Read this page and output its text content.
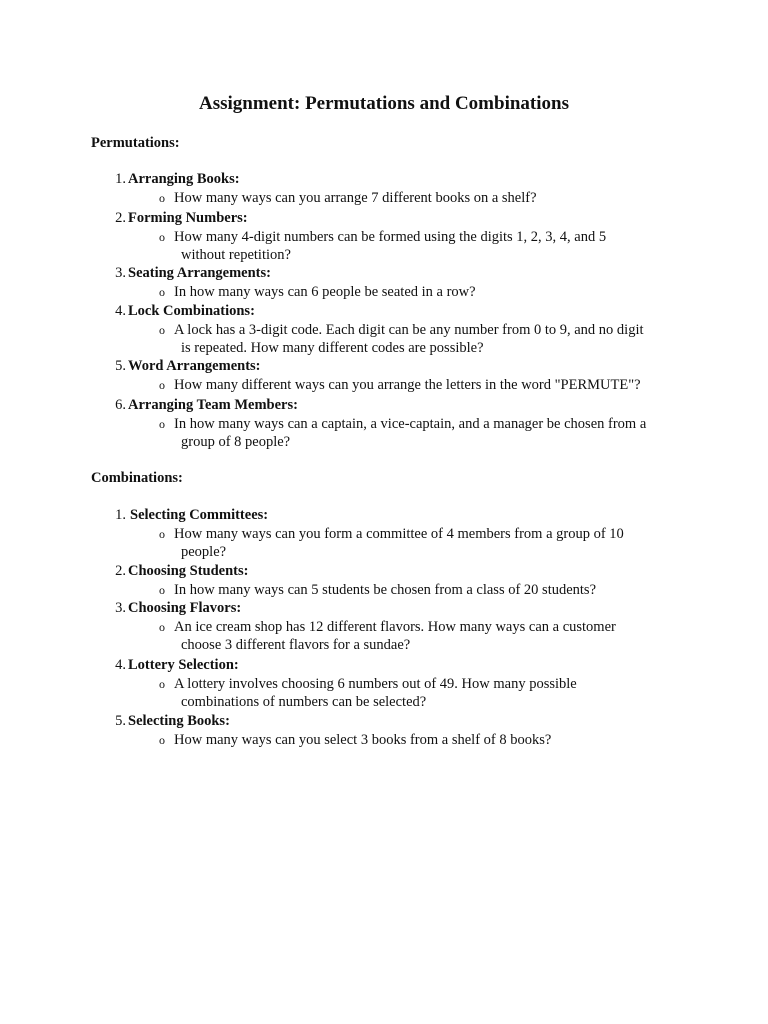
Assignment: Permutations and Combinations
Permutations:
1. Arranging Books:
o How many ways can you arrange 7 different books on a shelf?
2. Forming Numbers:
o How many 4-digit numbers can be formed using the digits 1, 2, 3, 4, and 5
without repetition?
3. Seating Arrangements:
o In how many ways can 6 people be seated in a row?
4. Lock Combinations:
o A lock has a 3-digit code. Each digit can be any number from 0 to 9, and no digit
is repeated. How many different codes are possible?
5. Word Arrangements:
o How many different ways can you arrange the letters in the word "PERMUTE"?
6. Arranging Team Members:
o In how many ways can a captain, a vice-captain, and a manager be chosen from a
group of 8 people?
Combinations:
1. Selecting Committees:
o How many ways can you form a committee of 4 members from a group of 10
people?
2. Choosing Students:
o In how many ways can 5 students be chosen from a class of 20 students?
3. Choosing Flavors:
o An ice cream shop has 12 different flavors. How many ways can a customer
choose 3 different flavors for a sundae?
4. Lottery Selection:
o A lottery involves choosing 6 numbers out of 49. How many possible
combinations of numbers can be selected?
5. Selecting Books:
o How many ways can you select 3 books from a shelf of 8 books?
